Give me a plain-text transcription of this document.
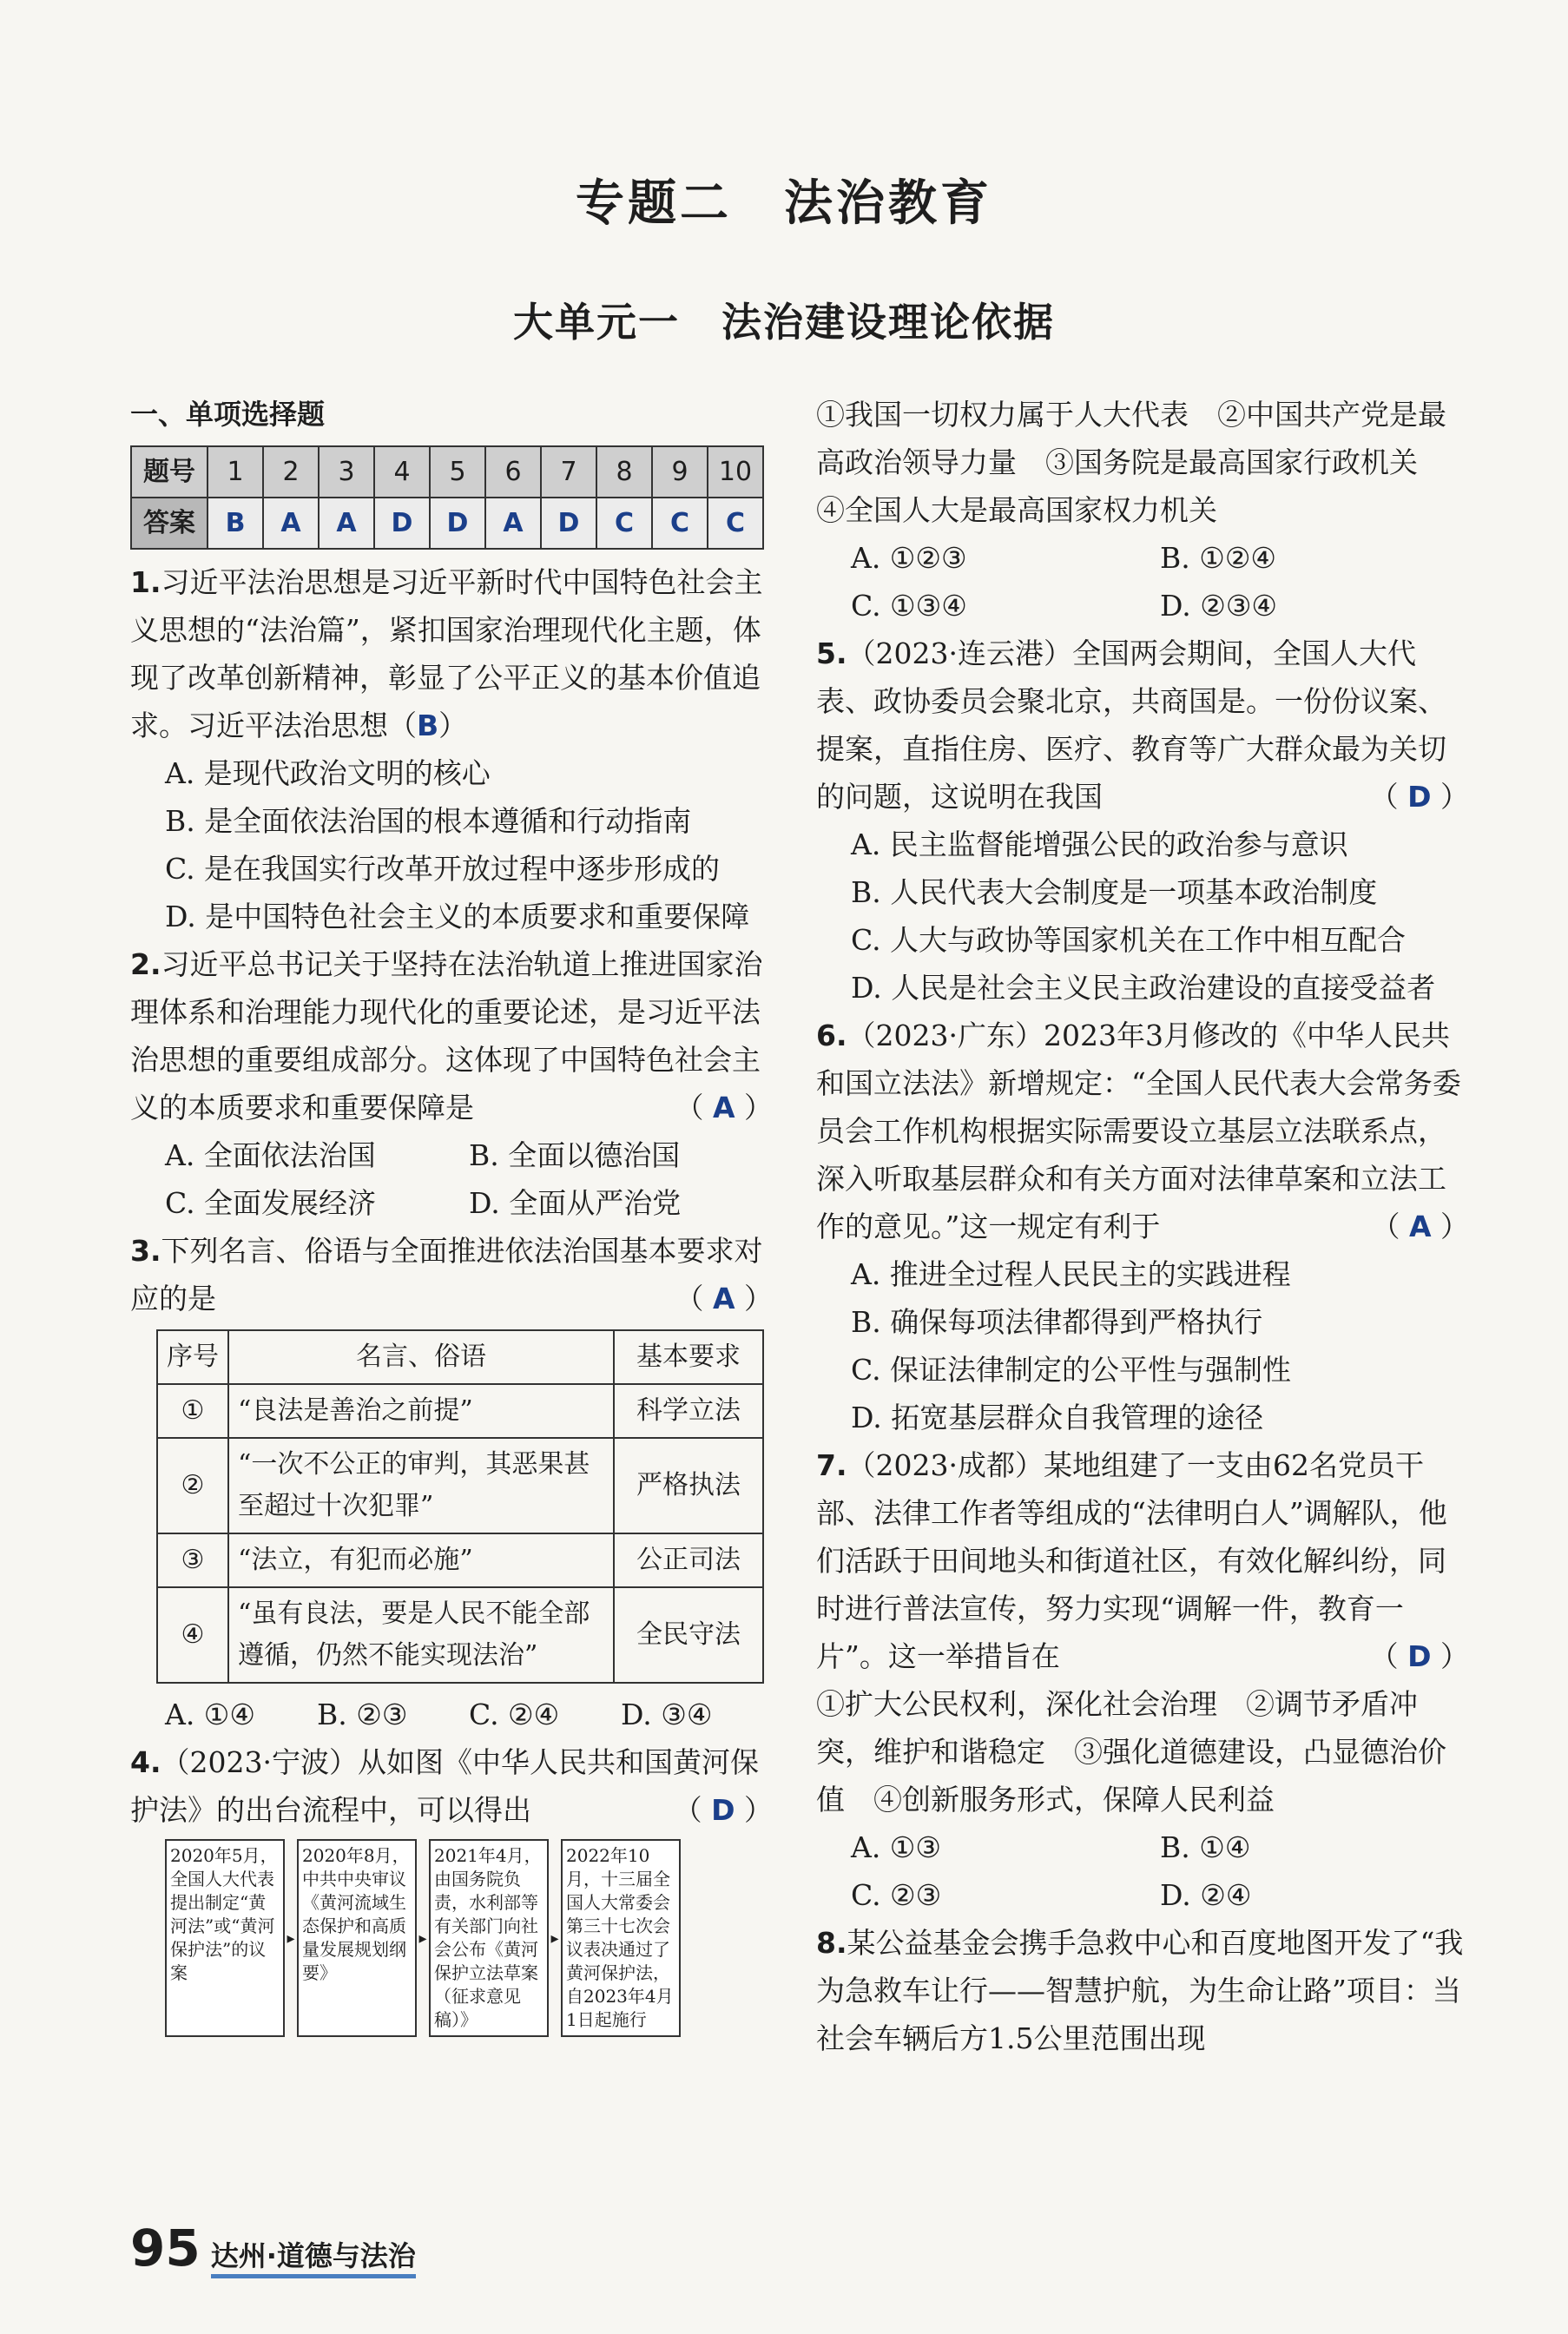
专题二　法治教育
大单元一　法治建设理论依据
一、单项选择题
题号	1	2	3	4	5	6	7	8	9	10
答案	B	A	A	D	D	A	D	C	C	C
1.习近平法治思想是习近平新时代中国特色社会主义思想的“法治篇”，紧扣国家治理现代化主题，体现了改革创新精神，彰显了公平正义的基本价值追求。习近平法治思想（B）
A. 是现代政治文明的核心
B. 是全面依法治国的根本遵循和行动指南
C. 是在我国实行改革开放过程中逐步形成的
D. 是中国特色社会主义的本质要求和重要保障
2.习近平总书记关于坚持在法治轨道上推进国家治理体系和治理能力现代化的重要论述，是习近平法治思想的重要组成部分。这体现了中国特色社会主义的本质要求和重要保障是	（ A ）
A. 全面依法治国	B. 全面以德治国
C. 全面发展经济	D. 全面从严治党
3.下列名言、俗语与全面推进依法治国基本要求对应的是	（ A ）
序号	名言、俗语	基本要求
①	“良法是善治之前提”	科学立法
②	“一次不公正的审判，其恶果甚至超过十次犯罪”	严格执法
③	“法立，有犯而必施”	公正司法
④	“虽有良法，要是人民不能全部遵循，仍然不能实现法治”	全民守法
A. ①④	B. ②③	C. ②④	D. ③④
4.（2023·宁波）从如图《中华人民共和国黄河保护法》的出台流程中，可以得出	（ D ）
2020年5月，全国人大代表提出制定“黄河法”或“黄河保护法”的议案
▸
2020年8月，中共中央审议《黄河流域生态保护和高质量发展规划纲要》
▸
2021年4月，由国务院负责，水利部等有关部门向社会公布《黄河保护立法草案（征求意见稿）》
▸
2022年10月，十三届全国人大常委会第三十七次会议表决通过了黄河保护法，自2023年4月1日起施行
①我国一切权力属于人大代表　②中国共产党是最高政治领导力量　③国务院是最高国家行政机关　④全国人大是最高国家权力机关
A. ①②③	B. ①②④
C. ①③④	D. ②③④
5.（2023·连云港）全国两会期间，全国人大代表、政协委员会聚北京，共商国是。一份份议案、提案，直指住房、医疗、教育等广大群众最为关切的问题，这说明在我国	（ D ）
A. 民主监督能增强公民的政治参与意识
B. 人民代表大会制度是一项基本政治制度
C. 人大与政协等国家机关在工作中相互配合
D. 人民是社会主义民主政治建设的直接受益者
6.（2023·广东）2023年3月修改的《中华人民共和国立法法》新增规定：“全国人民代表大会常务委员会工作机构根据实际需要设立基层立法联系点，深入听取基层群众和有关方面对法律草案和立法工作的意见。”这一规定有利于	（ A ）
A. 推进全过程人民民主的实践进程
B. 确保每项法律都得到严格执行
C. 保证法律制定的公平性与强制性
D. 拓宽基层群众自我管理的途径
7.（2023·成都）某地组建了一支由62名党员干部、法律工作者等组成的“法律明白人”调解队，他们活跃于田间地头和街道社区，有效化解纠纷，同时进行普法宣传，努力实现“调解一件，教育一片”。这一举措旨在	（ D ）
①扩大公民权利，深化社会治理　②调节矛盾冲突，维护和谐稳定　③强化道德建设，凸显德治价值　④创新服务形式，保障人民利益
A. ①③	B. ①④
C. ②③	D. ②④
8.某公益基金会携手急救中心和百度地图开发了“我为急救车让行——智慧护航，为生命让路”项目：当社会车辆后方1.5公里范围出现
95 达州·道德与法治
